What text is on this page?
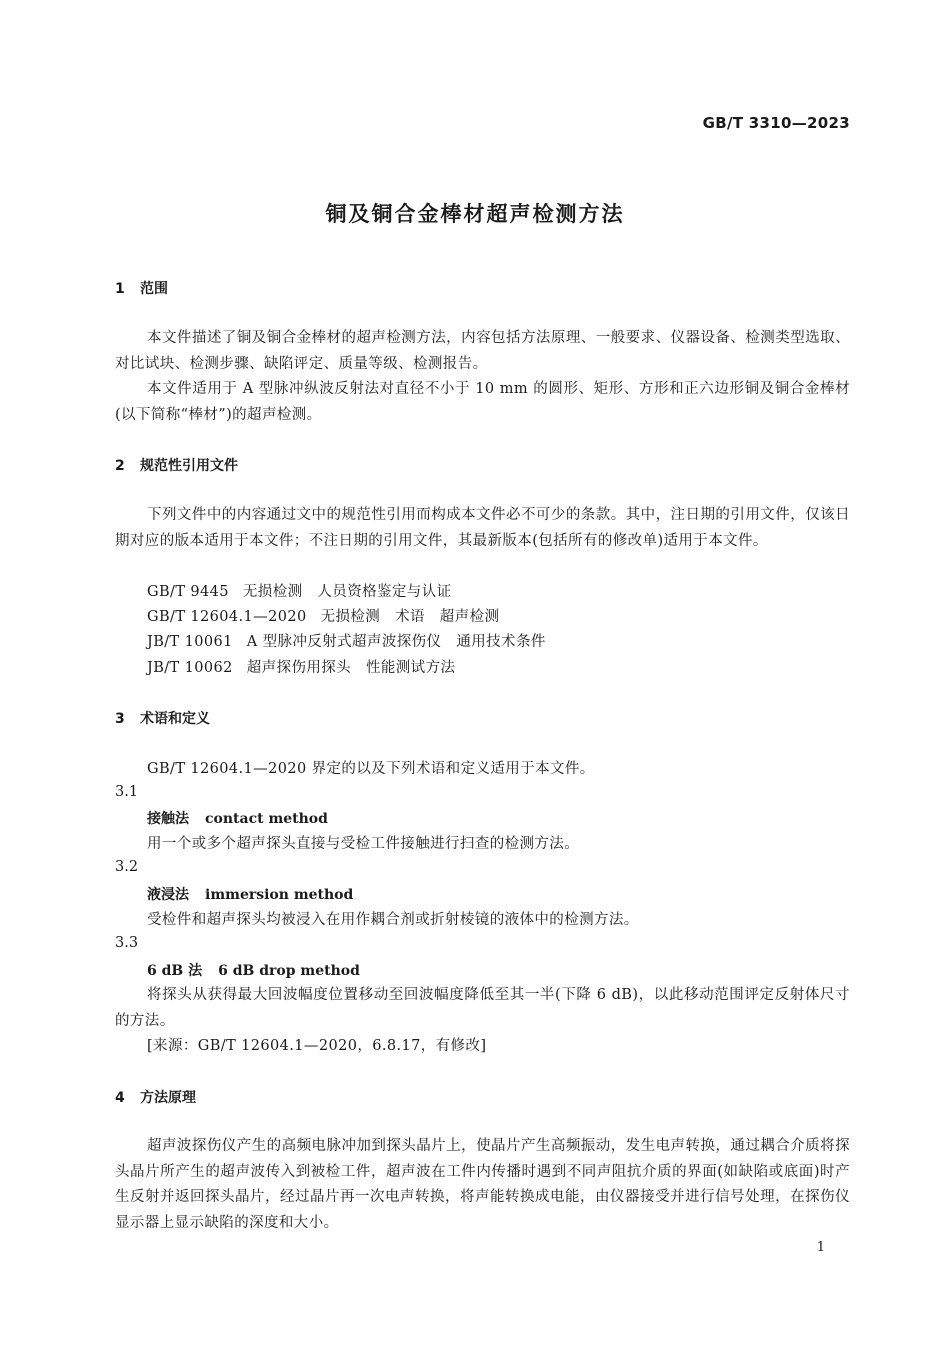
GB/T 3310—2023
铜及铜合金棒材超声检测方法
1 范围

本文件描述了铜及铜合金棒材的超声检测方法，内容包括方法原理、一般要求、仪器设备、检测类型选取、对比试块、检测步骤、缺陷评定、质量等级、检测报告。

本文件适用于 A 型脉冲纵波反射法对直径不小于 10 mm 的圆形、矩形、方形和正六边形铜及铜合金棒材(以下简称“棒材”)的超声检测。

2 规范性引用文件

下列文件中的内容通过文中的规范性引用而构成本文件必不可少的条款。其中，注日期的引用文件，仅该日期对应的版本适用于本文件；不注日期的引用文件，其最新版本(包括所有的修改单)适用于本文件。

GB/T 9445 无损检测　人员资格鉴定与认证
GB/T 12604.1—2020 无损检测　术语　超声检测
JB/T 10061 A 型脉冲反射式超声波探伤仪　通用技术条件
JB/T 10062 超声探伤用探头　性能测试方法
3 术语和定义
GB/T 12604.1—2020 界定的以及下列术语和定义适用于本文件。
3.1
接触法 contact method
用一个或多个超声探头直接与受检工件接触进行扫查的检测方法。
3.2
液浸法 immersion method
受检件和超声探头均被浸入在用作耦合剂或折射棱镜的液体中的检测方法。
3.3
6 dB 法 6 dB drop method

将探头从获得最大回波幅度位置移动至回波幅度降低至其一半(下降 6 dB)，以此移动范围评定反射体尺寸的方法。

[来源：GB/T 12604.1—2020，6.8.17，有修改]
4 方法原理

超声波探伤仪产生的高频电脉冲加到探头晶片上，使晶片产生高频振动，发生电声转换，通过耦合介质将探头晶片所产生的超声波传入到被检工件，超声波在工件内传播时遇到不同声阻抗介质的界面(如缺陷或底面)时产生反射并返回探头晶片，经过晶片再一次电声转换，将声能转换成电能，由仪器接受并进行信号处理，在探伤仪显示器上显示缺陷的深度和大小。

1
